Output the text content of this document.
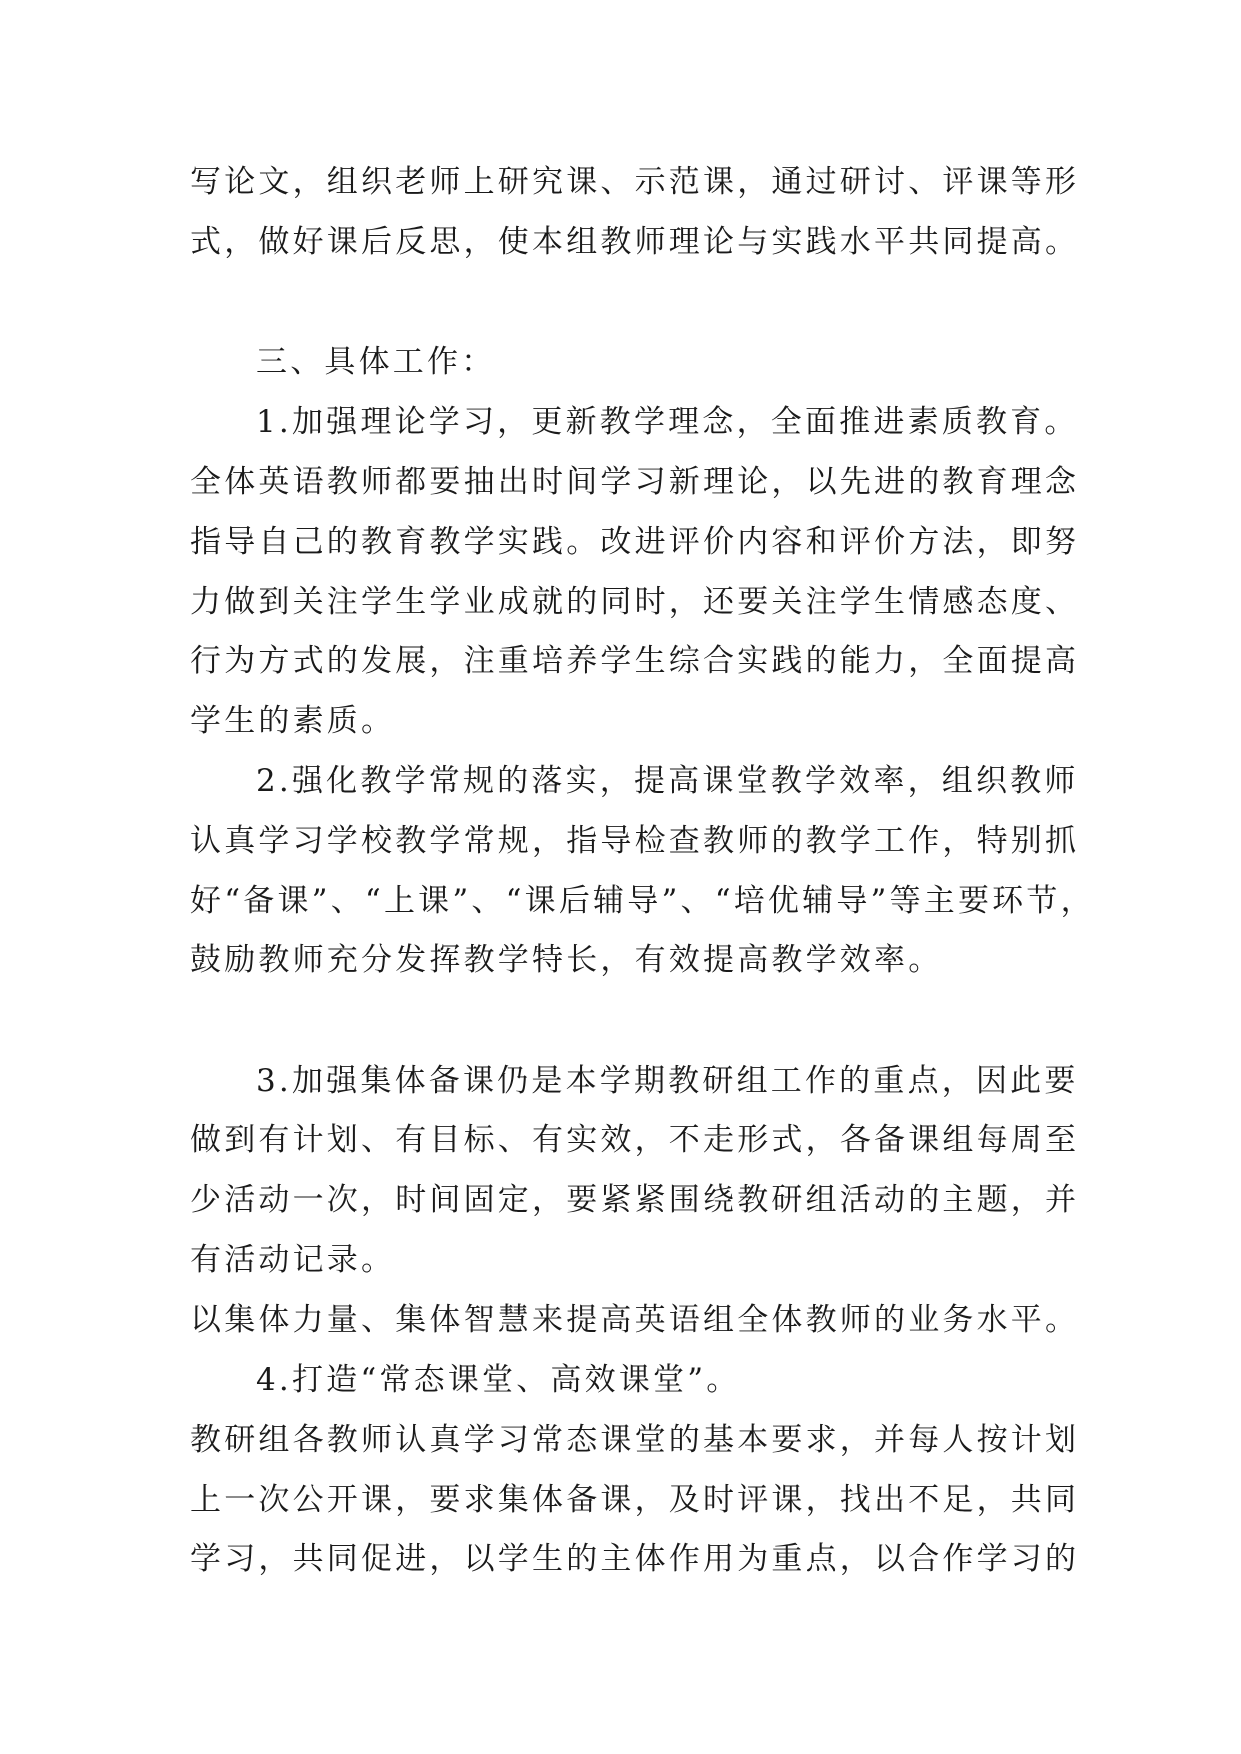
写论文，组织老师上研究课、示范课，通过研讨、评课等形
式，做好课后反思，使本组教师理论与实践水平共同提高。
三、具体工作：
1.加强理论学习，更新教学理念，全面推进素质教育。
全体英语教师都要抽出时间学习新理论，以先进的教育理念
指导自己的教育教学实践。改进评价内容和评价方法，即努
力做到关注学生学业成就的同时，还要关注学生情感态度、
行为方式的发展，注重培养学生综合实践的能力，全面提高
学生的素质。
2.强化教学常规的落实，提高课堂教学效率，组织教师
认真学习学校教学常规，指导检查教师的教学工作，特别抓
好“备课”、“上课”、“课后辅导”、“培优辅导”等主要环节，
鼓励教师充分发挥教学特长，有效提高教学效率。
3.加强集体备课仍是本学期教研组工作的重点，因此要
做到有计划、有目标、有实效，不走形式，各备课组每周至
少活动一次，时间固定，要紧紧围绕教研组活动的主题，并
有活动记录。
以集体力量、集体智慧来提高英语组全体教师的业务水平。
4.打造“常态课堂、高效课堂”。
教研组各教师认真学习常态课堂的基本要求，并每人按计划
上一次公开课，要求集体备课，及时评课，找出不足，共同
学习，共同促进，以学生的主体作用为重点，以合作学习的
